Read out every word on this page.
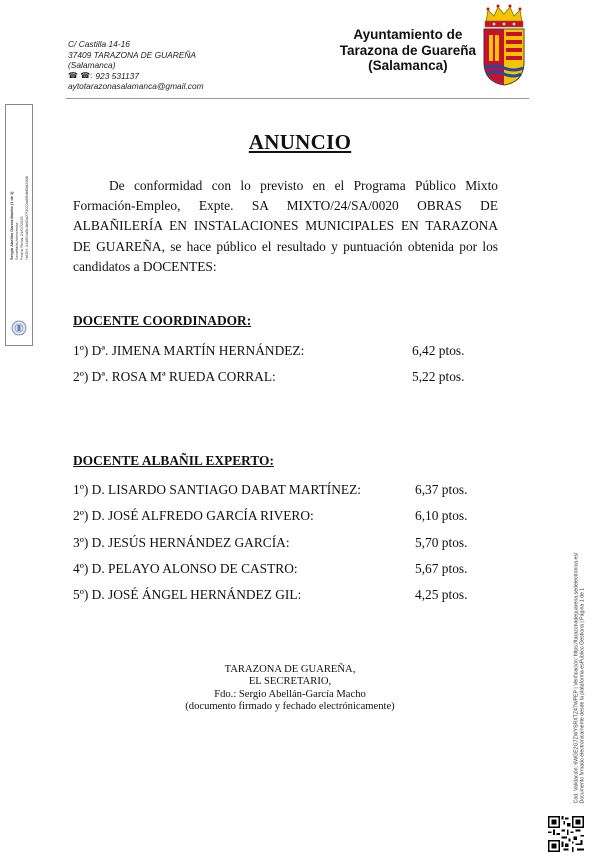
C/ Castilla 14-16
37409 TARAZONA DE GUAREÑA
(Salamanca)
☎ ☎: 923 531137
aytotarazonasalamanca@gmail.com
Ayuntamiento de
Tarazona de Guareña
(Salamanca)
Sergio Abellán García Macho (1 de 1) Secretario-Interventor Fecha Firma: 24/07/2025 HASH: 011854a5c4b80a27f1022a0f6db89d2996
ANUNCIO
De conformidad con lo previsto en el Programa Público Mixto Formación-Empleo, Expte. SA MIXTO/24/SA/0020 OBRAS DE ALBAÑILERÍA EN INSTALACIONES MUNICIPALES EN TARAZONA DE GUAREÑA, se hace público el resultado y puntuación obtenida por los candidatos a DOCENTES:
DOCENTE COORDINADOR:
1º) Dª. JIMENA MARTÍN HERNÁNDEZ:	6,42 ptos.
2º) Dª. ROSA Mª RUEDA CORRAL:	5,22 ptos.
DOCENTE ALBAÑIL EXPERTO:
1º) D. LISARDO SANTIAGO DABAT MARTÍNEZ:	6,37 ptos.
2º) D. JOSÉ ALFREDO GARCÍA RIVERO:	6,10 ptos.
3º) D. JESÚS HERNÁNDEZ GARCÍA:	5,70 ptos.
4º) D. PELAYO ALONSO DE CASTRO:	5,67 ptos.
5º) D. JOSÉ ÁNGEL HERNÁNDEZ GIL:	4,25 ptos.
TARAZONA DE GUAREÑA,
EL SECRETARIO,
Fdo.: Sergio Abellán-García Macho
(documento firmado y fechado electrónicamente)	Cód. Validación: 6WGE2G7ZWYSRXTZ47WPEP | Verificación: https://tarazonadeguarena.sedelectronica.es/ Documento firmado electrónicamente desde la plataforma esPublico Gestiona | Página 1 de 1
